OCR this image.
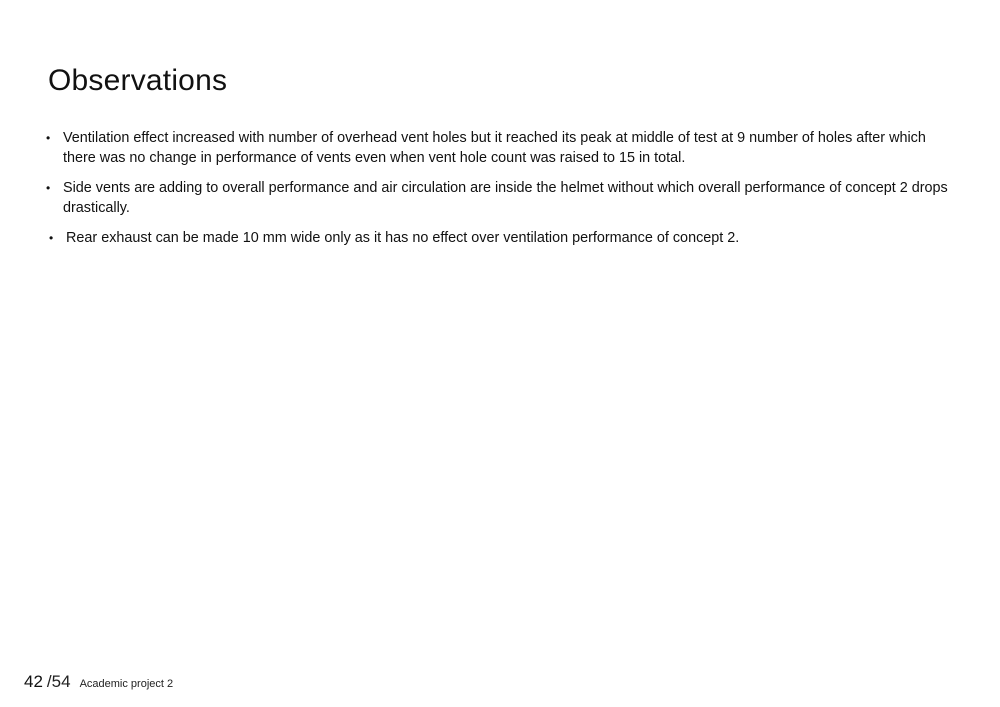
Observations
• Ventilation effect increased with number of overhead vent holes but it reached its peak at middle of test at 9 number of holes after which there was no change in performance of vents even when vent hole count was raised to 15 in total.
• Side vents are adding to overall performance and air circulation are inside the helmet without which overall performance of concept 2 drops drastically.
• Rear exhaust can be made 10 mm wide only as it has no effect over ventilation performance of concept 2.
42 /54 Academic project 2
